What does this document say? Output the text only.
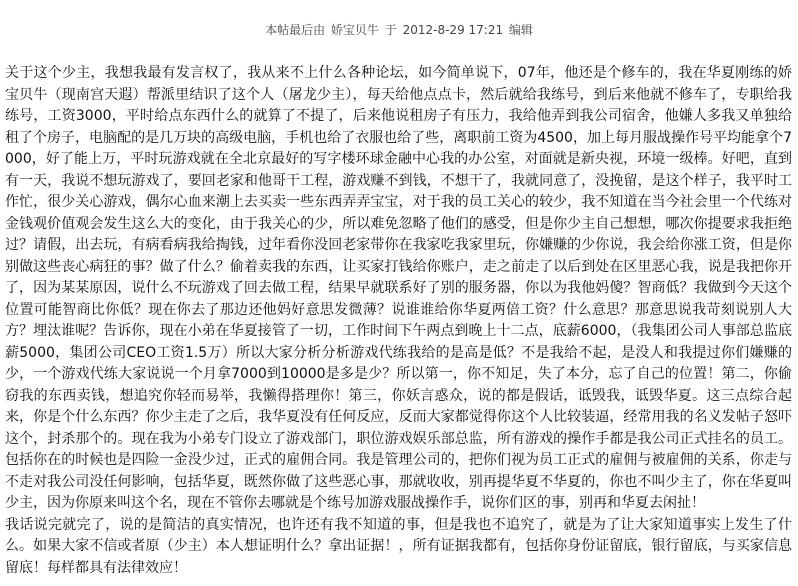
本帖最后由 娇宝贝牛 于 2012-8-29 17:21 编辑

关于这个少主，我想我最有发言权了，我从来不上什么各种论坛，如今简单说下，07年，他还是个修车的，我在华夏刚练的娇宝贝牛（现南宫天遐）帮派里结识了这个人（屠龙少主），每天给他点点卡，然后就给我练号，到后来他就不修车了，专职给我练号，工资3000，平时给点东西什么的就算了不提了，后来他说租房子有压力，我给他弄到我公司宿舍，他嫌人多我又单独给租了个房子，电脑配的是几万块的高级电脑，手机也给了衣服也给了些，离职前工资为4500，加上每月服战操作号平均能拿个7000，好了能上万，平时玩游戏就在全北京最好的写字楼环球金融中心我的办公室，对面就是新央视，环境一级棒。好吧，直到有一天，我说不想玩游戏了，要回老家和他哥干工程，游戏赚不到钱，不想干了，我就同意了，没挽留，是这个样子，我平时工作忙，很少关心游戏，偶尔心血来潮上去买卖一些东西弄弄宝宝，对于我的员工关心的较少，我不知道在当今社会里一个代练对金钱观价值观会发生这么大的变化，由于我关心的少，所以难免忽略了他们的感受，但是你少主自己想想，哪次你提要求我拒绝过？请假，出去玩，有病看病我给掏钱，过年看你没回老家带你在我家吃我家里玩，你嫌赚的少你说，我会给你涨工资，但是你别做这些丧心病狂的事？做了什么？偷着卖我的东西，让买家打钱给你账户，走之前走了以后到处在区里恶心我，说是我把你开了，因为某某原因，说什么不玩游戏了回去做工程，结果早就联系好了别的服务器，你以为我他妈傻？智商低？我做到今天这个位置可能智商比你低？现在你去了那边还他妈好意思发微薄？说谁谁给你华夏两倍工资？什么意思？那意思说我苛刻说别人大方？埋汰谁呢？告诉你，现在小弟在华夏接管了一切，工作时间下午两点到晚上十二点，底薪6000，（我集团公司人事部总监底薪5000，集团公司CEO工资1.5万）所以大家分析分析游戏代练我给的是高是低？不是我给不起，是没人和我提过你们嫌赚的少，一个游戏代练大家说说一个月拿7000到10000是多是少？所以第一，你不知足，失了本分，忘了自己的位置！第二，你偷窃我的东西卖钱，想追究你轻而易举，我懒得搭理你！第三，你妖言惑众，说的都是假话，诋毁我，诋毁华夏。这三点综合起来，你是个什么东西？你少主走了之后，我华夏没有任何反应，反而大家都觉得你这个人比较装逼，经常用我的名义发帖子怒吓这个，封杀那个的。现在我为小弟专门设立了游戏部门，职位游戏娱乐部总监，所有游戏的操作手都是我公司正式挂名的员工。包括你在的时候也是四险一金没少过，正式的雇佣合同。我是管理公司的，把你们视为员工正式的雇佣与被雇佣的关系，你走与不走对我公司没任何影响，包括华夏，既然你做了这些恶心事，那就收收，别再提华夏不华夏的，你也不叫少主了，你在华夏叫少主，因为你原来叫这个名，现在不管你去哪就是个练号加游戏服战操作手，说你们区的事，别再和华夏去闲扯！

我话说完就完了，说的是简洁的真实情况，也许还有我不知道的事，但是我也不追究了，就是为了让大家知道事实上发生了什么。如果大家不信或者原（少主）本人想证明什么？拿出证据！，所有证据我都有，包括你身份证留底，银行留底，与买家信息留底！每样都具有法律效应！
